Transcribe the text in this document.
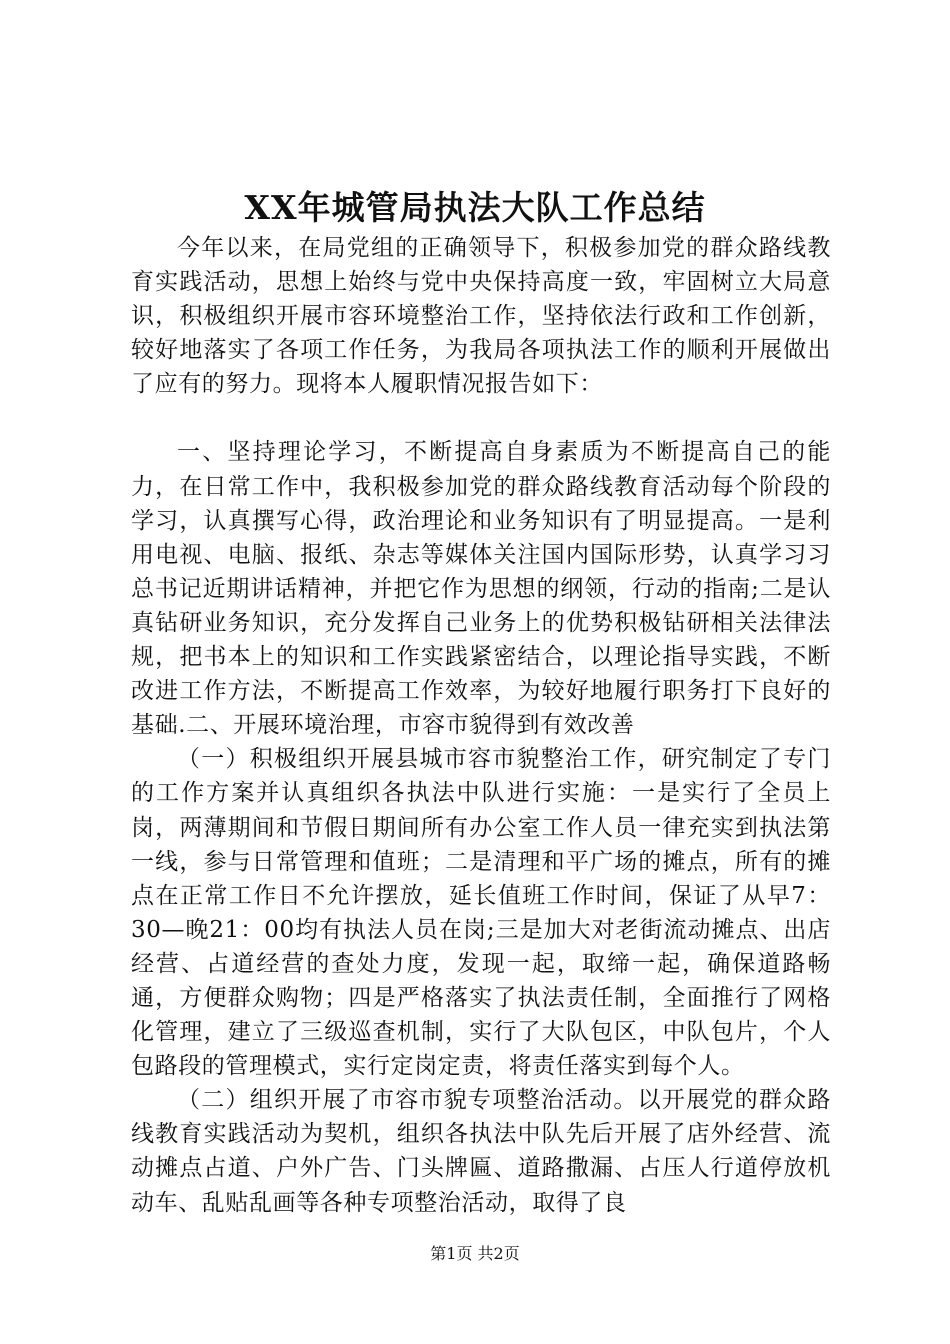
XX年城管局执法大队工作总结

今年以来，在局党组的正确领导下，积极参加党的群众路线教育实践活动，思想上始终与党中央保持高度一致，牢固树立大局意识，积极组织开展市容环境整治工作，坚持依法行政和工作创新，较好地落实了各项工作任务，为我局各项执法工作的顺利开展做出了应有的努力。现将本人履职情况报告如下：

一、坚持理论学习，不断提高自身素质为不断提高自己的能力，在日常工作中，我积极参加党的群众路线教育活动每个阶段的学习，认真撰写心得，政治理论和业务知识有了明显提高。一是利用电视、电脑、报纸、杂志等媒体关注国内国际形势，认真学习习总书记近期讲话精神，并把它作为思想的纲领，行动的指南;二是认真钻研业务知识，充分发挥自己业务上的优势积极钻研相关法律法规，把书本上的知识和工作实践紧密结合，以理论指导实践，不断改进工作方法，不断提高工作效率，为较好地履行职务打下良好的基础.二、开展环境治理，市容市貌得到有效改善

（一）积极组织开展县城市容市貌整治工作，研究制定了专门的工作方案并认真组织各执法中队进行实施：一是实行了全员上岗，两薄期间和节假日期间所有办公室工作人员一律充实到执法第一线，参与日常管理和值班；二是清理和平广场的摊点，所有的摊点在正常工作日不允许摆放，延长值班工作时间，保证了从早7：30—晚21：00均有执法人员在岗;三是加大对老街流动摊点、出店经营、占道经营的查处力度，发现一起，取缔一起，确保道路畅通，方便群众购物；四是严格落实了执法责任制，全面推行了网格化管理，建立了三级巡查机制，实行了大队包区，中队包片，个人包路段的管理模式，实行定岗定责，将责任落实到每个人。

（二）组织开展了市容市貌专项整治活动。以开展党的群众路线教育实践活动为契机，组织各执法中队先后开展了店外经营、流动摊点占道、户外广告、门头牌匾、道路撒漏、占压人行道停放机动车、乱贴乱画等各种专项整治活动，取得了良

第1页 共2页
